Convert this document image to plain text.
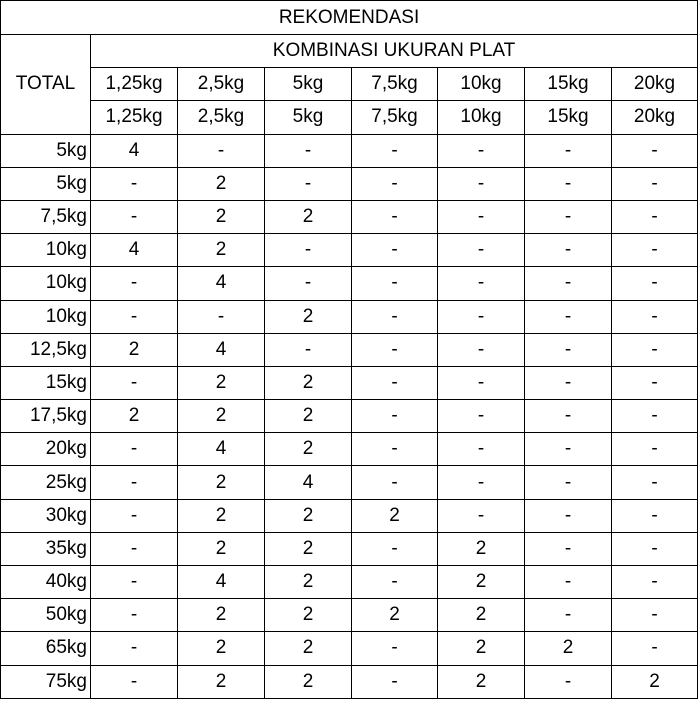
REKOMENDASI							
TOTAL	KOMBINASI UKURAN PLAT						
	1,25kg	2,5kg	5kg	7,5kg	10kg	15kg	20kg
	1,25kg	2,5kg	5kg	7,5kg	10kg	15kg	20kg
5kg	4	-	-	-	-	-	-
5kg	-	2	-	-	-	-	-
7,5kg	-	2	2	-	-	-	-
10kg	4	2	-	-	-	-	-
10kg	-	4	-	-	-	-	-
10kg	-	-	2	-	-	-	-
12,5kg	2	4	-	-	-	-	-
15kg	-	2	2	-	-	-	-
17,5kg	2	2	2	-	-	-	-
20kg	-	4	2	-	-	-	-
25kg	-	2	4	-	-	-	-
30kg	-	2	2	2	-	-	-
35kg	-	2	2	-	2	-	-
40kg	-	4	2	-	2	-	-
50kg	-	2	2	2	2	-	-
65kg	-	2	2	-	2	2	-
75kg	-	2	2	-	2	-	2
